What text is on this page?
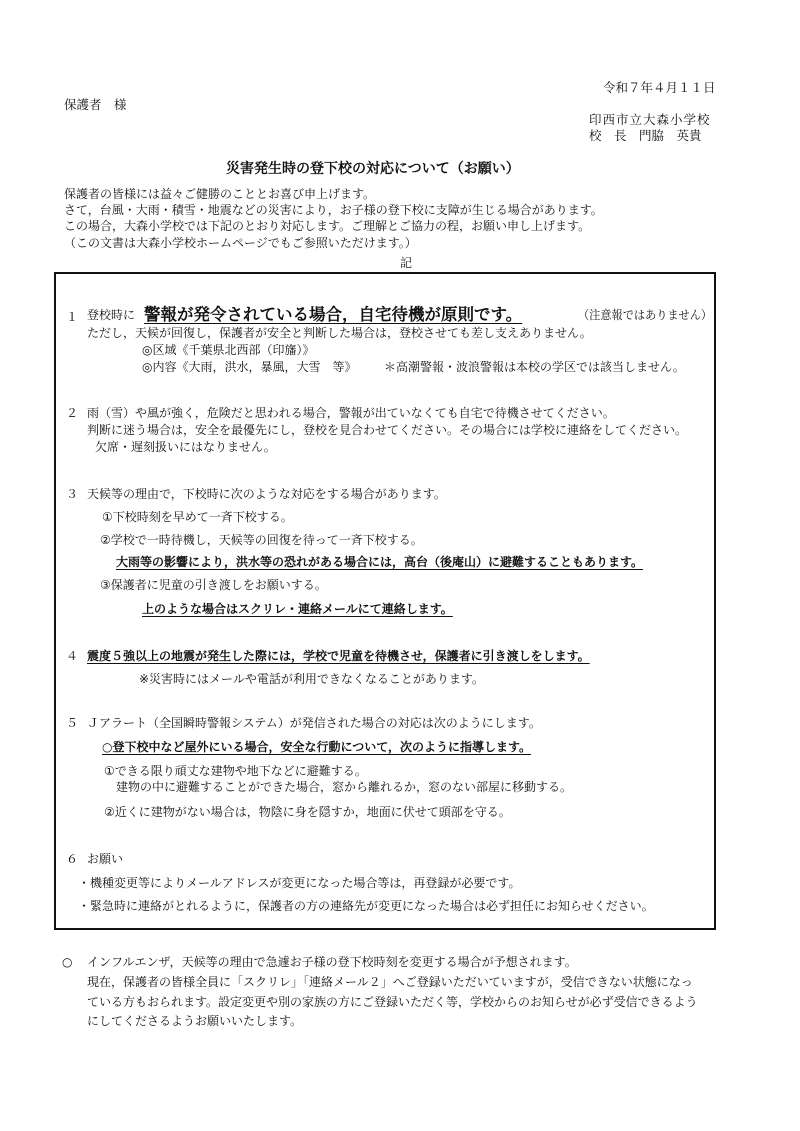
令和７年４月１１日
保護者　様
印西市立大森小学校
校　長　門脇　英貴
災害発生時の登下校の対応について（お願い）
保護者の皆様には益々ご健勝のこととお喜び申上げます。
さて，台風・大雨・積雪・地震などの災害により，お子様の登下校に支障が生じる場合があります。
この場合，大森小学校では下記のとおり対応します。ご理解とご協力の程，お願い申し上げます。
（この文書は大森小学校ホームページでもご参照いただけます。）
記
１ 登校時に 警報が発令されている場合，自宅待機が原則です。	（注意報ではありません）
ただし，天候が回復し，保護者が安全と判断した場合は，登校させても差し支えありません。
◎区域《千葉県北西部（印旛）》
◎内容《大雨，洪水，暴風，大雪　等》 ＊高潮警報・波浪警報は本校の学区では該当しません。
２ 雨（雪）や風が強く，危険だと思われる場合，警報が出ていなくても自宅で待機させてください。
判断に迷う場合は，安全を最優先にし，登校を見合わせてください。その場合には学校に連絡をしてください。
欠席・遅刻扱いにはなりません。
３ 天候等の理由で，下校時に次のような対応をする場合があります。
①下校時刻を早めて一斉下校する。
②学校で一時待機し，天候等の回復を待って一斉下校する。
大雨等の影響により，洪水等の恐れがある場合には，高台（後庵山）に避難することもあります。
③保護者に児童の引き渡しをお願いする。
上のような場合はスクリレ・連絡メールにて連絡します。
４ 震度５強以上の地震が発生した際には，学校で児童を待機させ，保護者に引き渡しをします。
※災害時にはメールや電話が利用できなくなることがあります。
５ Ｊアラート（全国瞬時警報システム）が発信された場合の対応は次のようにします。
○登下校中など屋外にいる場合，安全な行動について，次のように指導します。
①できる限り頑丈な建物や地下などに避難する。
建物の中に避難することができた場合，窓から離れるか，窓のない部屋に移動する。
②近くに建物がない場合は，物陰に身を隠すか，地面に伏せて頭部を守る。
６ お願い
・機種変更等によりメールアドレスが変更になった場合等は，再登録が必要です。
・緊急時に連絡がとれるように，保護者の方の連絡先が変更になった場合は必ず担任にお知らせください。
○ インフルエンザ，天候等の理由で急遽お子様の登下校時刻を変更する場合が予想されます。
現在，保護者の皆様全員に「スクリレ」「連絡メール２」へご登録いただいていますが，受信できない状態になっ
ている方もおられます。設定変更や別の家族の方にご登録いただく等，学校からのお知らせが必ず受信できるよう
にしてくださるようお願いいたします。
